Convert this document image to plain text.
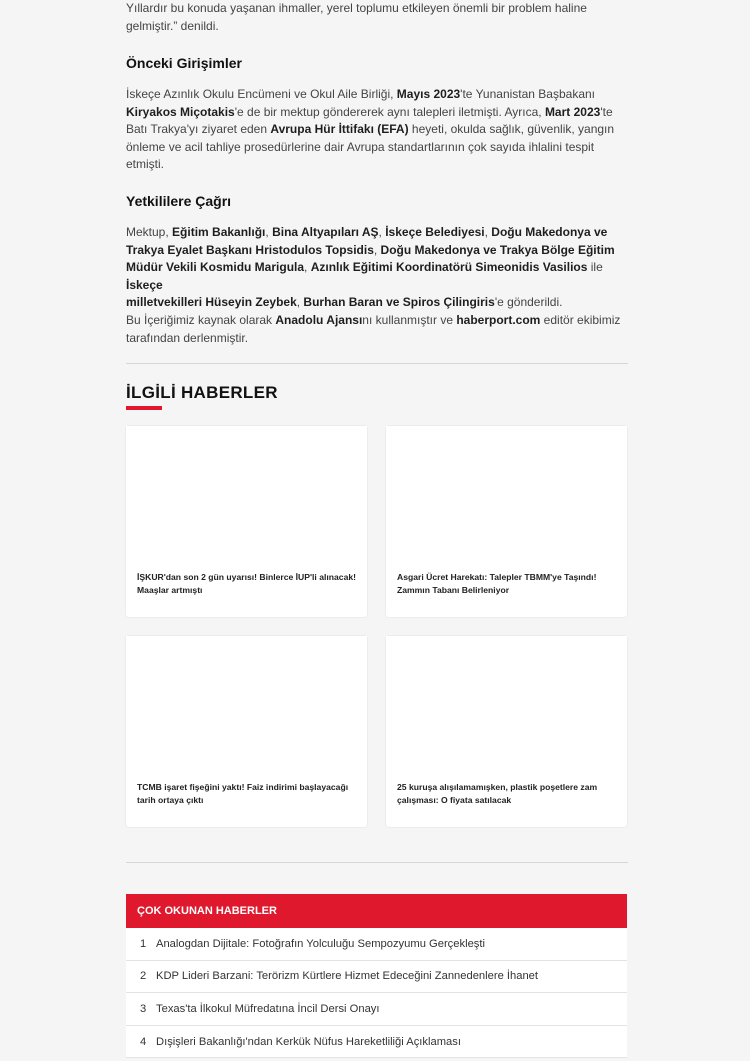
Yıllardır bu konuda yaşanan ihmaller, yerel toplumu etkileyen önemli bir problem haline
gelmiştir.” denildi.

Önceki Girişimler

İskeçe Azınlık Okulu Encümeni ve Okul Aile Birliği, Mayıs 2023'te Yunanistan Başbakanı
Kiryakos Miçotakis'e de bir mektup göndererek aynı talepleri iletmişti. Ayrıca, Mart 2023'te
Batı Trakya'yı ziyaret eden Avrupa Hür İttifakı (EFA) heyeti, okulda sağlık, güvenlik, yangın
önleme ve acil tahliye prosedürlerine dair Avrupa standartlarının çok sayıda ihlalini tespit
etmişti.

Yetkililere Çağrı

Mektup, Eğitim Bakanlığı, Bina Altyapıları AŞ, İskeçe Belediyesi, Doğu Makedonya ve
Trakya Eyalet Başkanı Hristodulos Topsidis, Doğu Makedonya ve Trakya Bölge Eğitim
Müdür Vekili Kosmidu Marigula, Azınlık Eğitimi Koordinatörü Simeonidis Vasilios ile İskeçe
milletvekilleri Hüseyin Zeybek, Burhan Baran ve Spiros Çilingiris'e gönderildi.

Bu İçeriğimiz kaynak olarak Anadolu Ajansını kullanmıştır ve haberport.com editör ekibimiz
tarafından derlenmiştir.

İLGİLİ HABERLER
İŞKUR'dan son 2 gün uyarısı! Binlerce İUP'li alınacak! Maaşlar artmıştı
Asgari Ücret Harekatı: Talepler TBMM'ye Taşındı! Zammın Tabanı Belirleniyor
TCMB işaret fişeğini yaktı! Faiz indirimi başlayacağı tarih ortaya çıktı
25 kuruşa alışılamamışken, plastik poşetlere zam çalışması: O fiyata satılacak
ÇOK OKUNAN HABERLER
1 Analogdan Dijitale: Fotoğrafın Yolculuğu Sempozyumu Gerçekleşti
2 KDP Lideri Barzani: Terörizm Kürtlere Hizmet Edeceğini Zannedenlere İhanet
3 Texas'ta İlkokul Müfredatına İncil Dersi Onayı
4 Dışişleri Bakanlığı'ndan Kerkük Nüfus Hareketliliği Açıklaması
